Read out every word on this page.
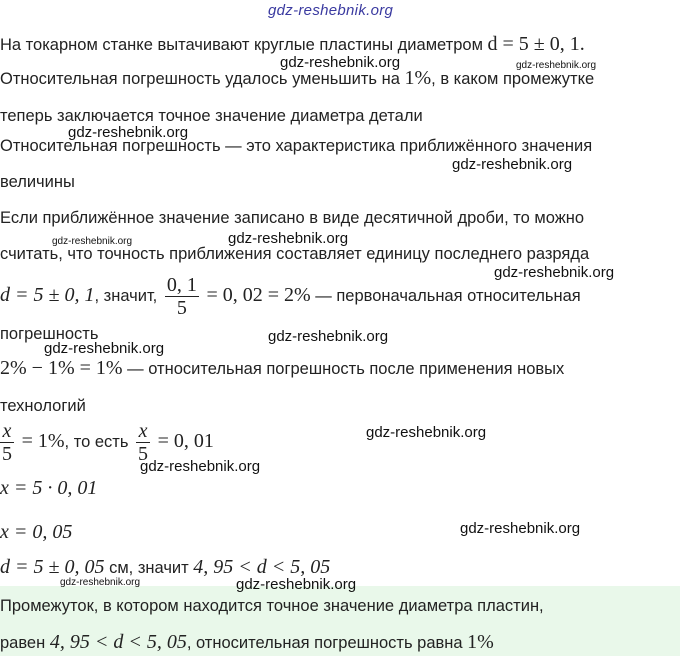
На токарном станке вытачивают круглые пластины диаметром d = 5 ± 0, 1.
Относительная погрешность удалось уменьшить на 1%, в каком промежутке
теперь заключается точное значение диаметра детали
Относительная погрешность — это характеристика приближённого значения
величины
Если приближённое значение записано в виде десятичной дроби, то можно
считать, что точность приближения составляет единицу последнего разряда
d = 5 ± 0, 1, значит, $\frac{0, 1}{5} = 0$, 02 = 2% — первоначальная относительная
погрешность
2% − 1% = 1% — относительная погрешность после применения новых
технологий
$\frac{x}{5} = 1\%$, то есть $\frac{x}{5} = 0$, 01
x = 5 · 0, 01
x = 0, 05
d = 5 ± 0, 05 см, значит 4, 95 < d < 5, 05
Промежуток, в котором находится точное значение диаметра пластин,
равен 4, 95 < d < 5, 05, относительная погрешность равна 1%
gdz-reshebnik.org
gdz-reshebnik.org	gdz-reshebnik.org
gdz-reshebnik.org
gdz-reshebnik.org
gdz-reshebnik.org	gdz-reshebnik.org
gdz-reshebnik.org
gdz-reshebnik.org
gdz-reshebnik.org
gdz-reshebnik.org
gdz-reshebnik.org
gdz-reshebnik.org
gdz-reshebnik.org	gdz-reshebnik.org
